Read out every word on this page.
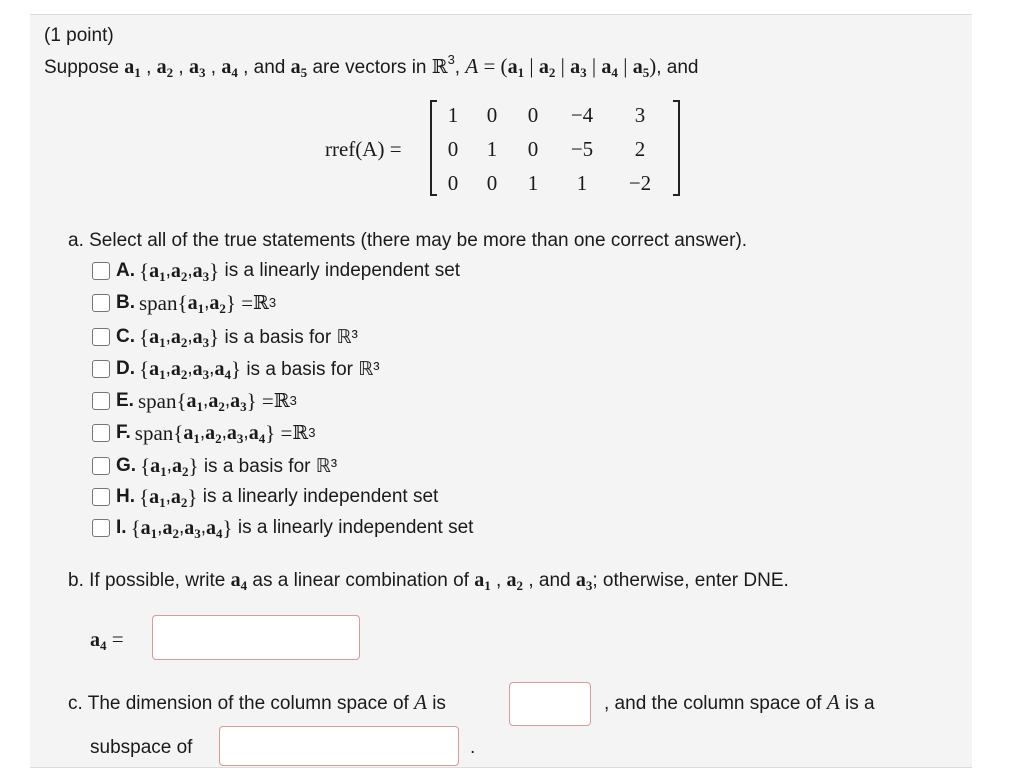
(1 point)
Suppose $a_1$ , $a_2$ , $a_3$ , $a_4$ , and $a_5$ are vectors in ℝ$^3$, $A = (a_1$ | $a_2$ | $a_3$ | $a_4$ | $a_5$), and
rref(A) =
1	0	0	−4	3
0	1	0	−5	2
0	0	1	1	−2
a. Select all of the true statements (there may be more than one correct answer).
A. { $a_1$ , $a_2$ , $a_3$ }
is a linearly independent set
B. span{ $a_1$ , $a_2$ } = ℝ 3
C. { $a_1$ , $a_2$ , $a_3$ }
is a basis for ℝ³
D. { $a_1$ , $a_2$ , $a_3$ , $a_4$ }
is a basis for ℝ³
E. span{ $a_1$ , $a_2$ , $a_3$ } = ℝ 3
F. span{ $a_1$ , $a_2$ , $a_3$ , $a_4$ } = ℝ 3
G. { $a_1$ , $a_2$ }
is a basis for ℝ³
H. { $a_1$ , $a_2$ }
is a linearly independent set
I. { $a_1$ , $a_2$ , $a_3$ , $a_4$ }
is a linearly independent set
b. If possible, write $a_4$ as a linear combination of $a_1$ , $a_2$ , and $a_3$; otherwise, enter DNE.
$a_4$ =
c. The dimension of the column space of A is	, and the column space of A is a
subspace of	.
